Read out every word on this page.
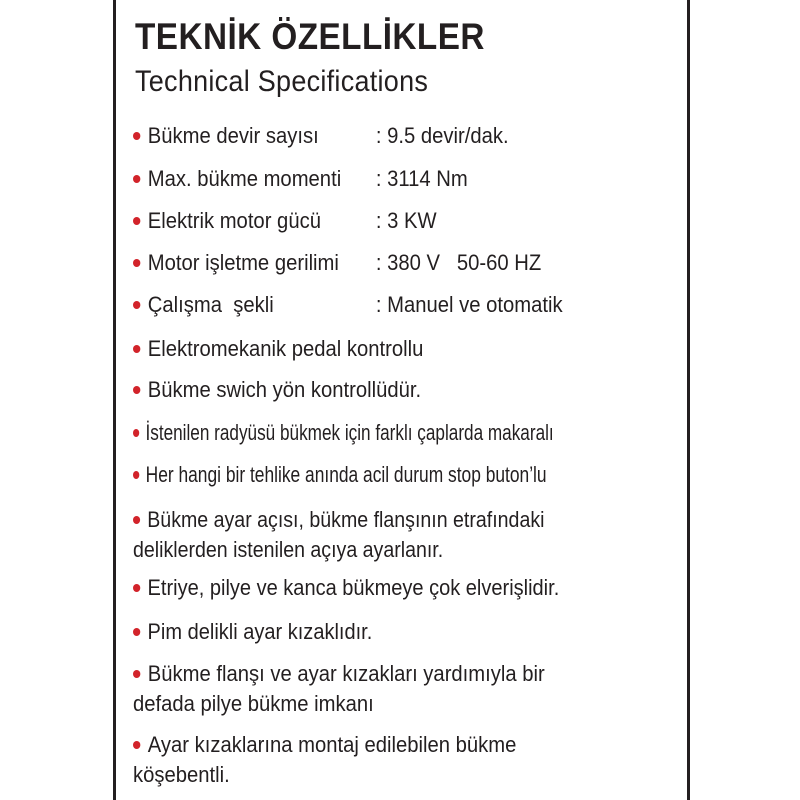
TEKNİK ÖZELLİKLER
Technical Specifications
Bükme devir sayısı	: 9.5 devir/dak.
Max. bükme momenti : 3114 Nm
Elektrik motor gücü : 3 KW
Motor işletme gerilimi : 380 V   50-60 HZ
Çalışma  şekli	: Manuel ve otomatik
Elektromekanik pedal kontrollu
Bükme swich yön kontrollüdür.
İstenilen radyüsü bükmek için farklı çaplarda makaralı
Her hangi bir tehlike anında acil durum stop buton’lu
Bükme ayar açısı, bükme flanşının etrafındaki
deliklerden istenilen açıya ayarlanır.
Etriye, pilye ve kanca bükmeye çok elverişlidir.
Pim delikli ayar kızaklıdır.
Bükme flanşı ve ayar kızakları yardımıyla bir
defada pilye bükme imkanı
Ayar kızaklarına montaj edilebilen bükme
köşebentli.
